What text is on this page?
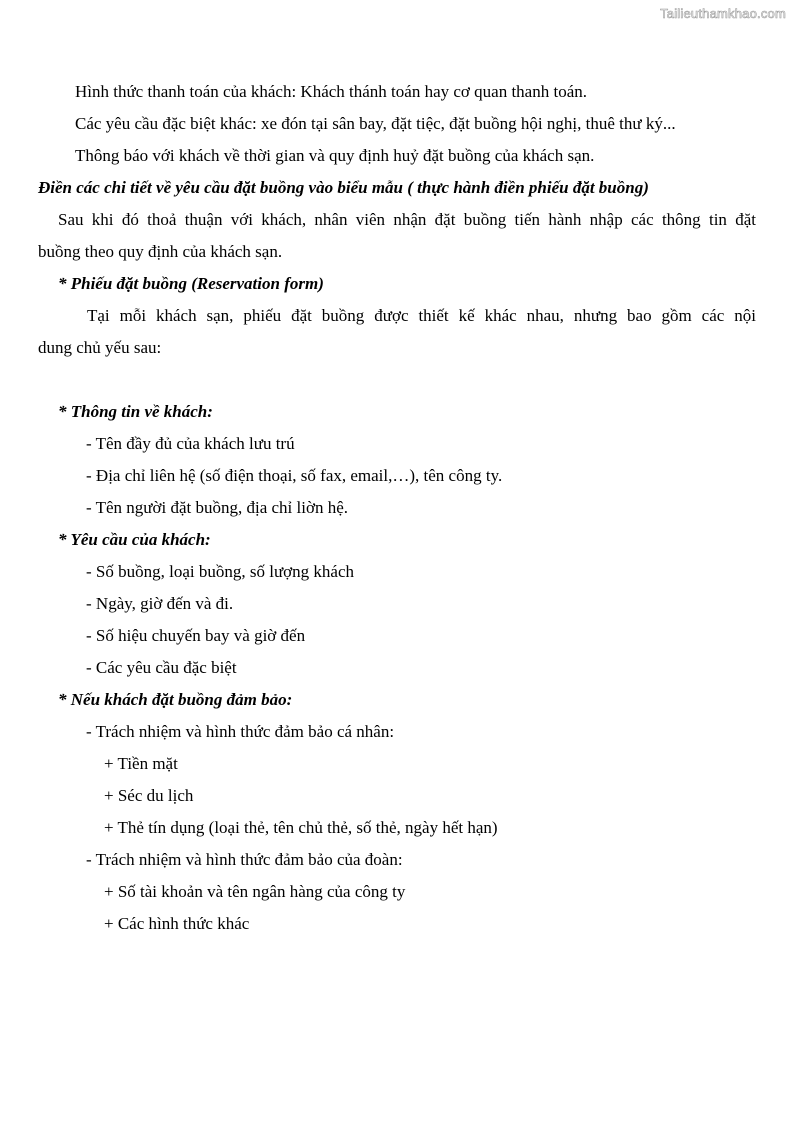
Tailieuthamkhao.com

Hình thức thanh toán của khách: Khách thánh toán hay cơ quan thanh toán.

Các yêu cầu đặc biệt khác: xe đón tại sân bay, đặt tiệc, đặt buồng hội nghị, thuê thư ký...

Thông báo với khách về thời gian và quy định huỷ đặt buồng của khách sạn.

Điền các chi tiết về yêu cầu đặt buồng vào biểu mẫu ( thực hành điền phiếu đặt buồng)

Sau khi đó thoả thuận với khách, nhân viên nhận đặt buồng tiến hành nhập các thông tin đặt

buồng theo quy định của khách sạn.

* Phiếu đặt buồng (Reservation form)

Tại mỗi khách sạn, phiếu đặt buồng được thiết kế khác nhau, nhưng bao gồm các nội

dung chủ yếu sau:

* Thông tin về khách:

- Tên đầy đủ của khách lưu trú

- Địa chỉ liên hệ (số điện thoại, số fax, email,…), tên công ty.

- Tên người đặt buồng, địa chỉ liờn hệ.

* Yêu cầu của khách:

- Số buồng, loại buồng, số lượng khách

- Ngày, giờ đến và đi.

- Số hiệu chuyến bay và giờ đến

- Các yêu cầu đặc biệt

* Nếu khách đặt buồng đảm bảo:

- Trách nhiệm và hình thức đảm bảo cá nhân:

+ Tiền mặt

+ Séc du lịch

+ Thẻ tín dụng (loại thẻ, tên chủ thẻ, số thẻ, ngày hết hạn)

- Trách nhiệm và hình thức đảm bảo của đoàn:

+ Số tài khoản và tên ngân hàng của công ty

+ Các hình thức khác
